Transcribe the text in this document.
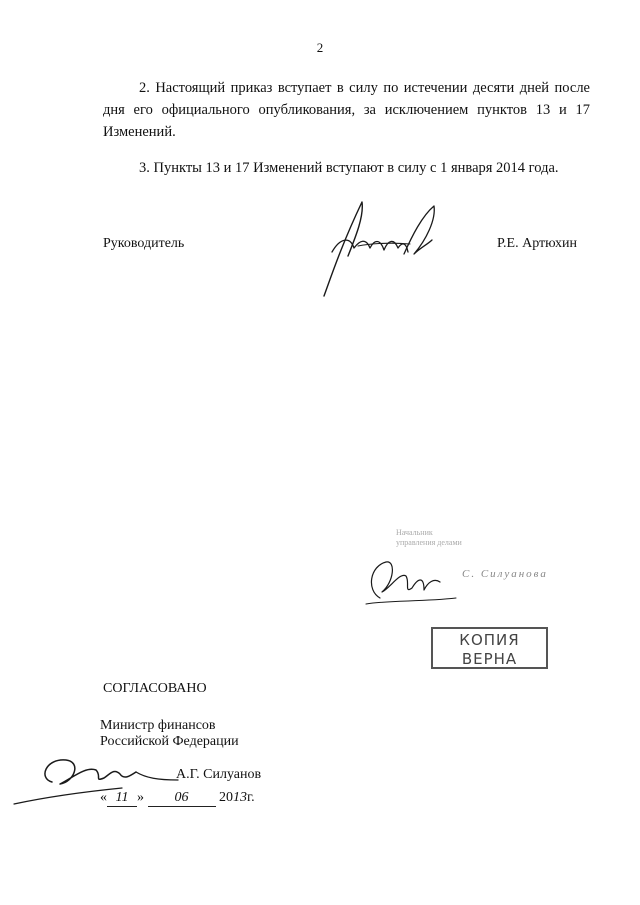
2

2. Настоящий приказ вступает в силу по истечении десяти дней после дня его официального опубликования, за исключением пунктов 13 и 17 Изменений.

3. Пункты 13 и 17 Изменений вступают в силу с 1 января 2014 года.

Руководитель	Р.Е. Артюхин
Начальник
управления делами
С. Силуанова
КОПИЯ
ВЕРНА
СОГЛАСОВАНО
Министр финансов
Российской Федерации
А.Г. Силуанов
« 11 » 06 2013г.
